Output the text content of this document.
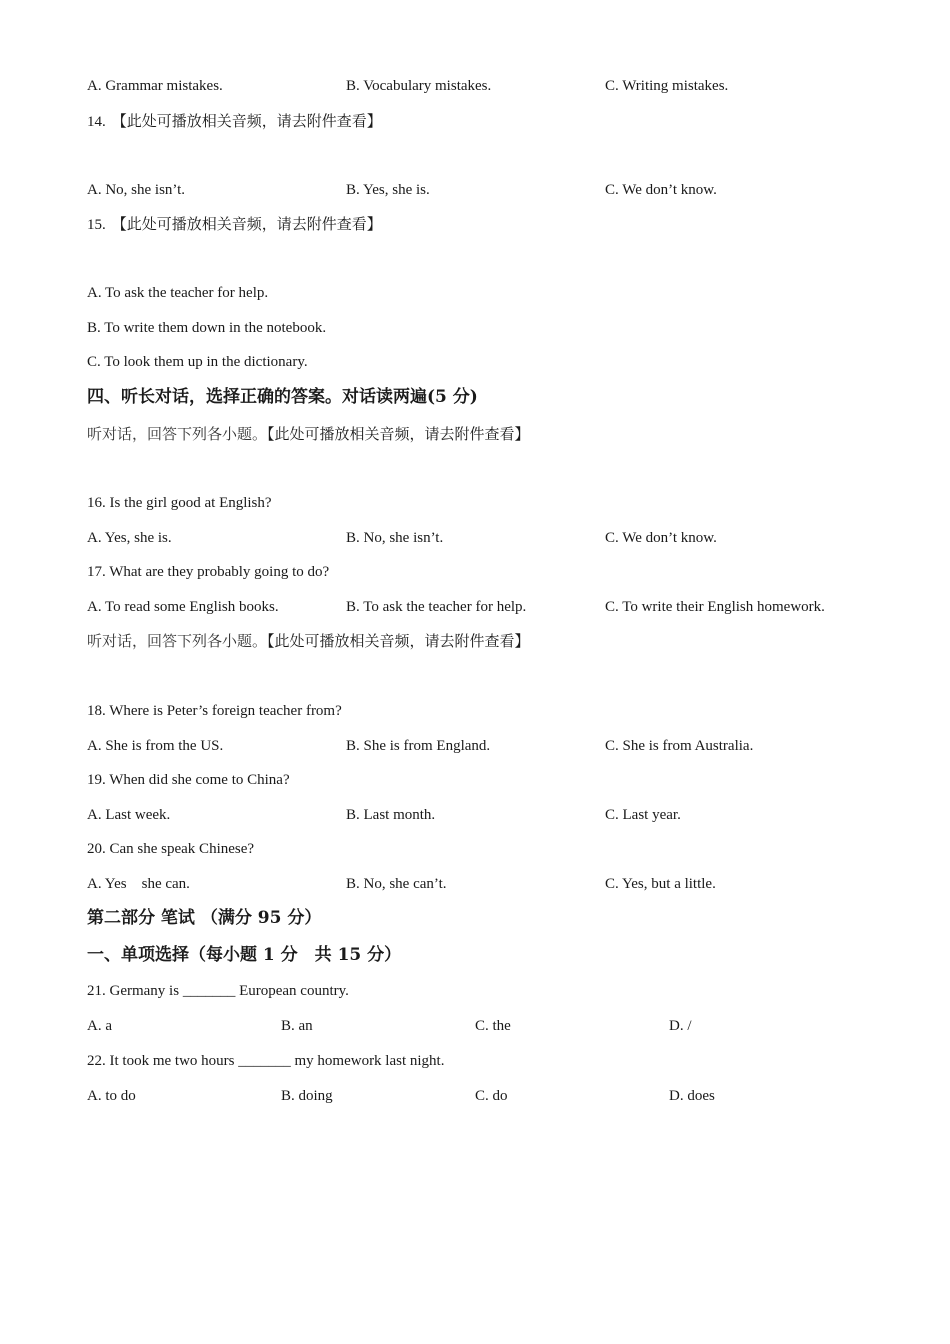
A. Grammar mistakes.	B. Vocabulary mistakes.	C. Writing mistakes.
14. 【此处可播放相关音频，请去附件查看】
A. No, she isn’t.	B. Yes, she is.	C. We don’t know.
15. 【此处可播放相关音频，请去附件查看】
A. To ask the teacher for help.
B. To write them down in the notebook.
C. To look them up in the dictionary.
四、听长对话，选择正确的答案。对话读两遍(5 分)
听对话，回答下列各小题。【此处可播放相关音频，请去附件查看】
16. Is the girl good at English?
A. Yes, she is.	B. No, she isn’t.	C. We don’t know.
17. What are they probably going to do?
A. To read some English books.	B. To ask the teacher for help.	C. To write their English homework.
听对话，回答下列各小题。【此处可播放相关音频，请去附件查看】
18. Where is Peter’s foreign teacher from?
A. She is from the US.	B. She is from England.	C. She is from Australia.
19. When did she come to China?
A. Last week.	B. Last month.	C. Last year.
20. Can she speak Chinese?
A. Yes she can.	B. No, she can’t.	C. Yes, but a little.
第二部分 笔试 （满分 95 分）
一、单项选择（每小题 1 分　共 15 分）
21. Germany is _______ European country.
A. a	B. an	C. the	D. /
22. It took me two hours _______ my homework last night.
A. to do	B. doing	C. do	D. does
